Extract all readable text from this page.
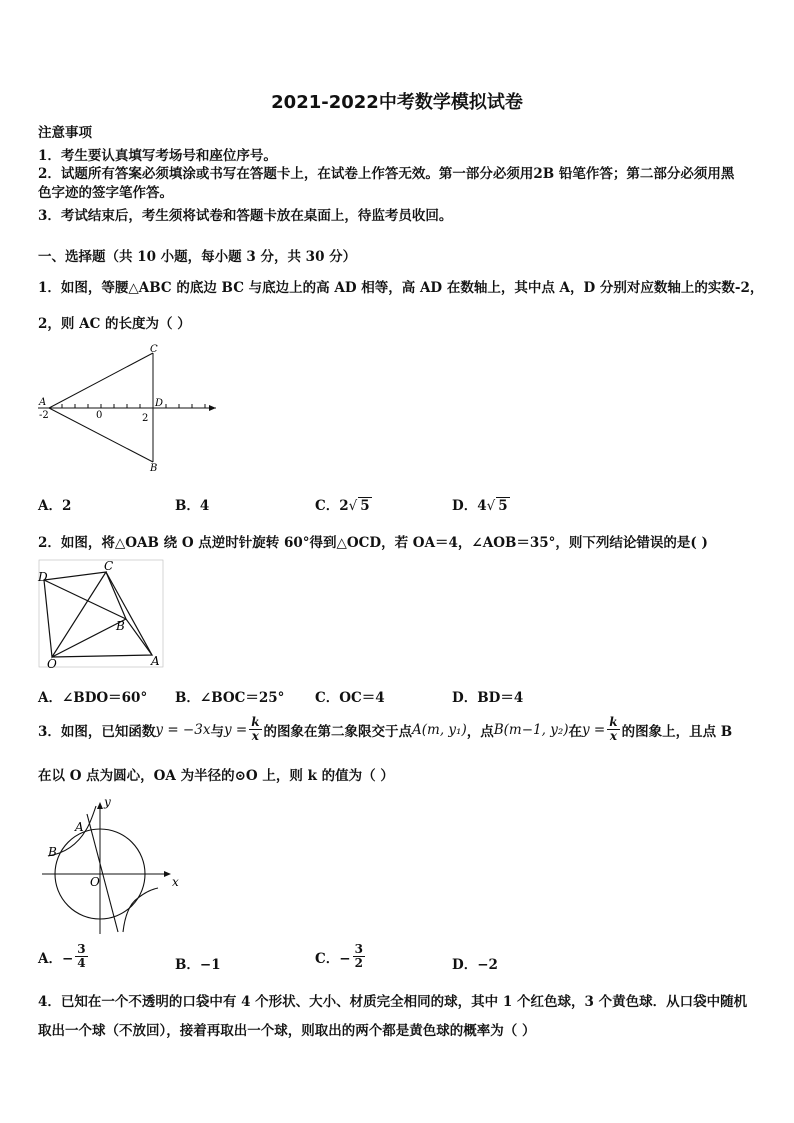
2021-2022中考数学模拟试卷
注意事项
1．考生要认真填写考场号和座位序号。
2．试题所有答案必须填涂或书写在答题卡上，在试卷上作答无效。第一部分必须用2B 铅笔作答；第二部分必须用黑
色字迹的签字笔作答。
3．考试结束后，考生须将试卷和答题卡放在桌面上，待监考员收回。
一、选择题（共 10 小题，每小题 3 分，共 30 分）
1．如图，等腰△ABC 的底边 BC 与底边上的高 AD 相等，高 AD 在数轴上，其中点 A，D 分别对应数轴上的实数-2，
2，则 AC 的长度为（ ）
A
-2	0	2
D
C
B
A．2	B．4	C．2√ 5	D．4√ 5
2．如图，将△OAB 绕 O 点逆时针旋转 60°得到△OCD，若 OA＝4，∠AOB＝35°，则下列结论错误的是( )
D
C
B
O	A
A．∠BDO＝60° B．∠BOC＝25° C．OC＝4	D．BD＝4
3．如图，已知函数 y = −3x 与 $y = \frac{k}{x}$ 的图象在第二象限交于点 A(m, y₁) ，点 B(m−1, y₂) 在 $y = \frac{k}{x}$ 的图象上，且点 B
在以 O 点为圆心，OA 为半径的⊙O 上，则 k 的值为（ ）
y
x
A
B
O
A．− $\frac{3}{4}$	B．−1	C．− $\frac{3}{2}$	D．−2
4．已知在一个不透明的口袋中有 4 个形状、大小、材质完全相同的球，其中 1 个红色球，3 个黄色球．从口袋中随机
取出一个球（不放回），接着再取出一个球，则取出的两个都是黄色球的概率为（ ）
